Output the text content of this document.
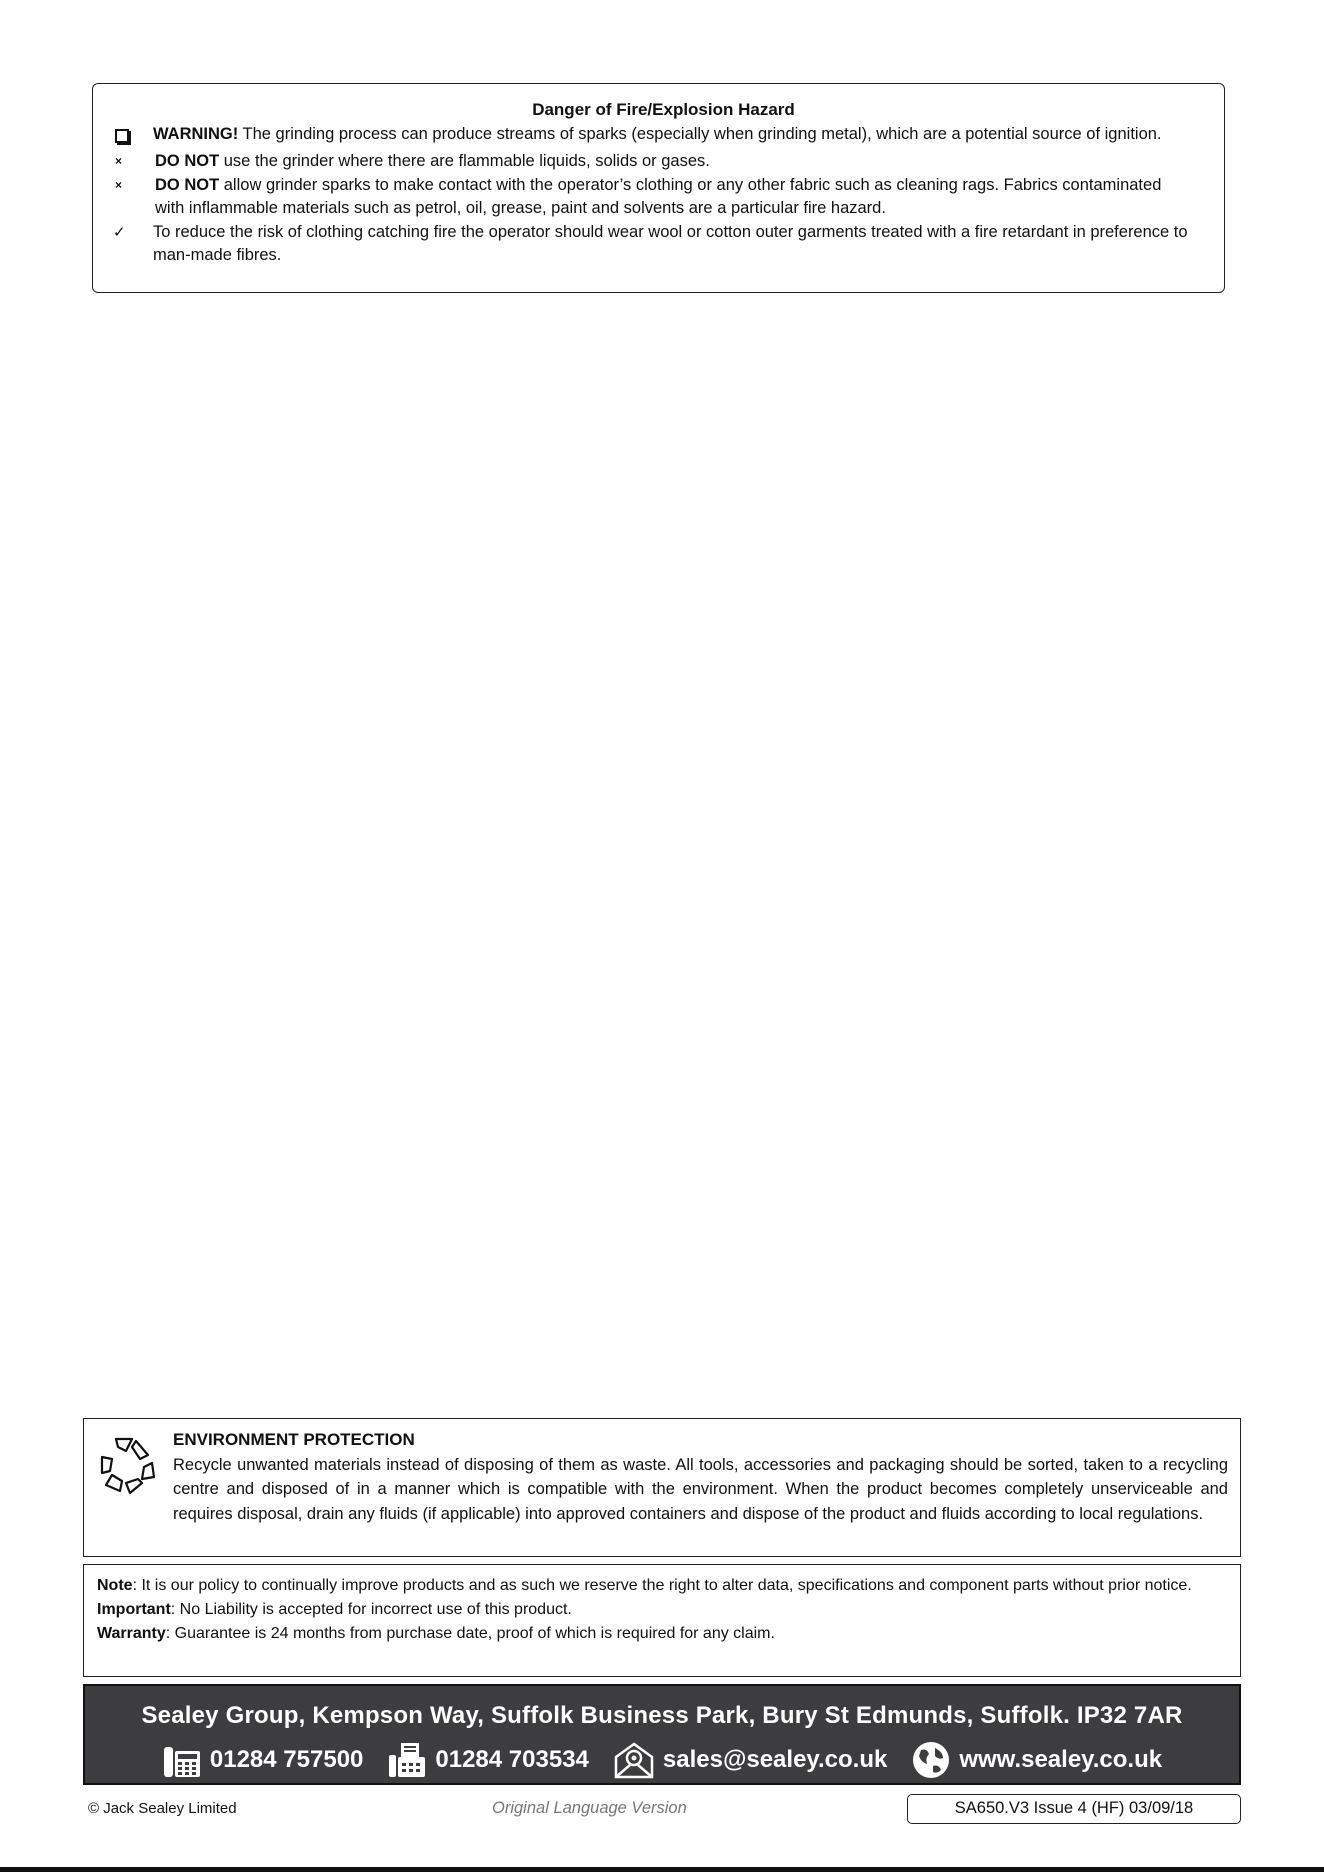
Danger of Fire/Explosion Hazard
WARNING! The grinding process can produce streams of sparks (especially when grinding metal), which are a potential source of ignition.
×	DO NOT use the grinder where there are flammable liquids, solids or gases.
×	DO NOT allow grinder sparks to make contact with the operator’s clothing or any other fabric such as cleaning rags. Fabrics contaminated with inflammable materials such as petrol, oil, grease, paint and solvents are a particular fire hazard.
✓	To reduce the risk of clothing catching fire the operator should wear wool or cotton outer garments treated with a fire retardant in preference to man-made fibres.
ENVIRONMENT PROTECTION
Recycle unwanted materials instead of disposing of them as waste. All tools, accessories and packaging should be sorted, taken to a recycling centre and disposed of in a manner which is compatible with the environment. When the product becomes completely unserviceable and requires disposal, drain any fluids (if applicable) into approved containers and dispose of the product and fluids according to local regulations.

Note: It is our policy to continually improve products and as such we reserve the right to alter data, specifications and component parts without prior notice.

Important: No Liability is accepted for incorrect use of this product.

Warranty: Guarantee is 24 months from purchase date, proof of which is required for any claim.

Sealey Group, Kempson Way, Suffolk Business Park, Bury St Edmunds, Suffolk. IP32 7AR
01284 757500	01284 703534	sales@sealey.co.uk	www.sealey.co.uk
© Jack Sealey Limited	Original Language Version	SA650.V3 Issue 4 (HF) 03/09/18
